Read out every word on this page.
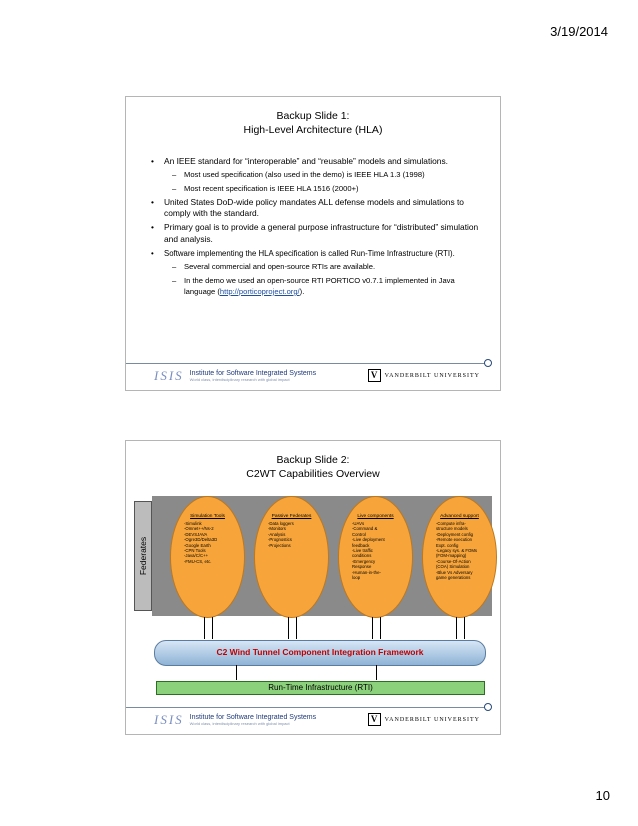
3/19/2014
Backup Slide 1:
High-Level Architecture (HLA)
• An IEEE standard for “interoperable” and “reusable” models and simulations.
– Most used specification (also used in the demo) is IEEE HLA 1.3 (1998)
– Most recent specification is IEEE HLA 1516 (2000+)
• United States DoD-wide policy mandates ALL defense models and simulations to comply with the standard.
• Primary goal is to provide a general purpose infrastructure for “distributed” simulation and analysis.
• Software implementing the HLA specification is called Run-Time Infrastructure (RTI).
– Several commercial and open-source RTIs are available.
– In the demo we used an open-source RTI PORTICO v0.7.1 implemented in Java language (http://porticoproject.org/).
ISIS Institute for Software Integrated Systems
World class, interdisciplinary research with global impact	V	VANDERBILT UNIVERSITY
Backup Slide 2:
C2WT Capabilities Overview
Federates
Simulation Tools
-Simulink
-Omnet++/Ns-2
-DEVSJAVA
-Ogre3D/Delta3D
-Google Earth
-CPN Tools
-Java/C/C++
-FMU-CS, etc.
Passive Federates
-Data loggers
-Monitors
-Analysis
-Prognostics
-Projections
Live components
-UAVs
-Command &
Control
-Live deployment
feedback
-Live traffic
conditions
-Emergency
Response
-Human-in-the-
loop
Advanced support
-Compute infra-
structure models
-Deployment config
-Remote execution
Expt. config
-Legacy sys. & FOMs
(FOM-mapping)
-Course-Of-Action
(COA) Simulation
-Blue Vs Adversary
game generations
C2 Wind Tunnel Component Integration Framework
Run-Time Infrastructure (RTI)
ISIS Institute for Software Integrated Systems
World class, interdisciplinary research with global impact	V	VANDERBILT UNIVERSITY
10
